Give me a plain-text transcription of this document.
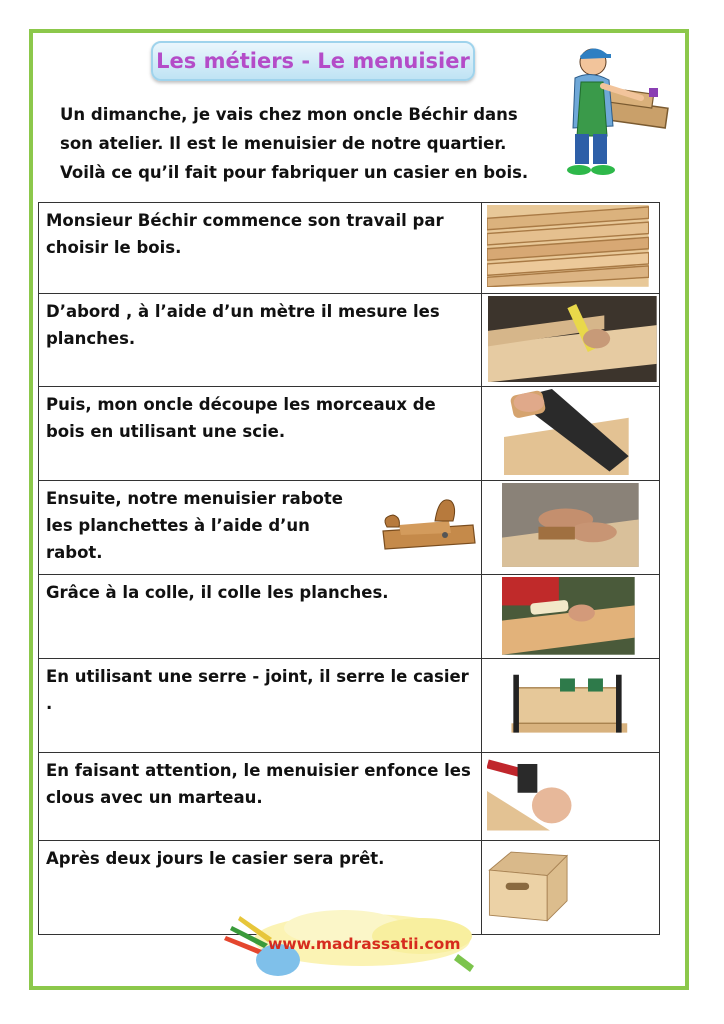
Les métiers - Le menuisier
Un dimanche, je vais chez mon oncle Béchir dans son atelier. Il est le menuisier de notre quartier. Voilà ce qu’il fait pour fabriquer un casier en bois.
Monsieur Béchir commence son travail par choisir le bois.	

D’abord , à l’aide d’un mètre il mesure les planches.	

Puis, mon oncle découpe les morceaux de bois en utilisant une scie.	

Ensuite, notre menuisier rabote les planchettes à l’aide d’un rabot.

Grâce à la colle, il colle les planches.	

En utilisant une serre - joint, il serre le casier .	

En faisant attention, le menuisier enfonce les clous avec un marteau.	

Après deux jours le casier sera prêt.	
www.madrassatii.com
